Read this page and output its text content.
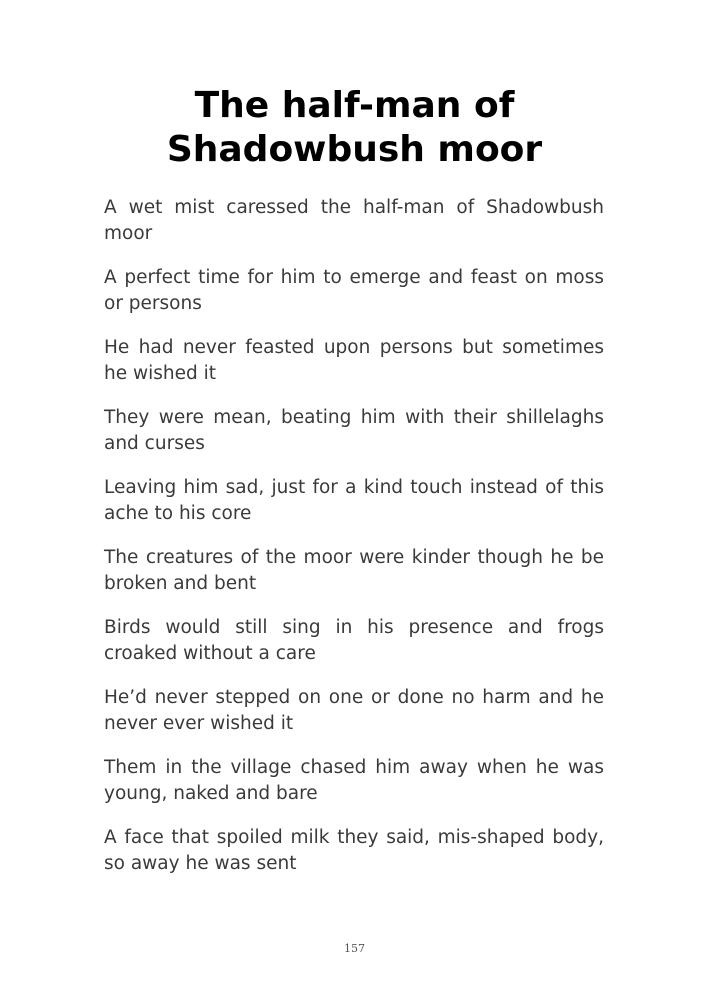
The half-man of
Shadowbush moor

A wet mist caressed the half-man of Shadowbush moor

A perfect time for him to emerge and feast on moss or persons

He had never feasted upon persons but sometimes he wished it

They were mean, beating him with their shillelaghs and curses

Leaving him sad, just for a kind touch instead of this ache to his core

The creatures of the moor were kinder though he be broken and bent

Birds would still sing in his presence and frogs croaked without a care

He’d never stepped on one or done no harm and he never ever wished it

Them in the village chased him away when he was young, naked and bare

A face that spoiled milk they said, mis-shaped body, so away he was sent

157
